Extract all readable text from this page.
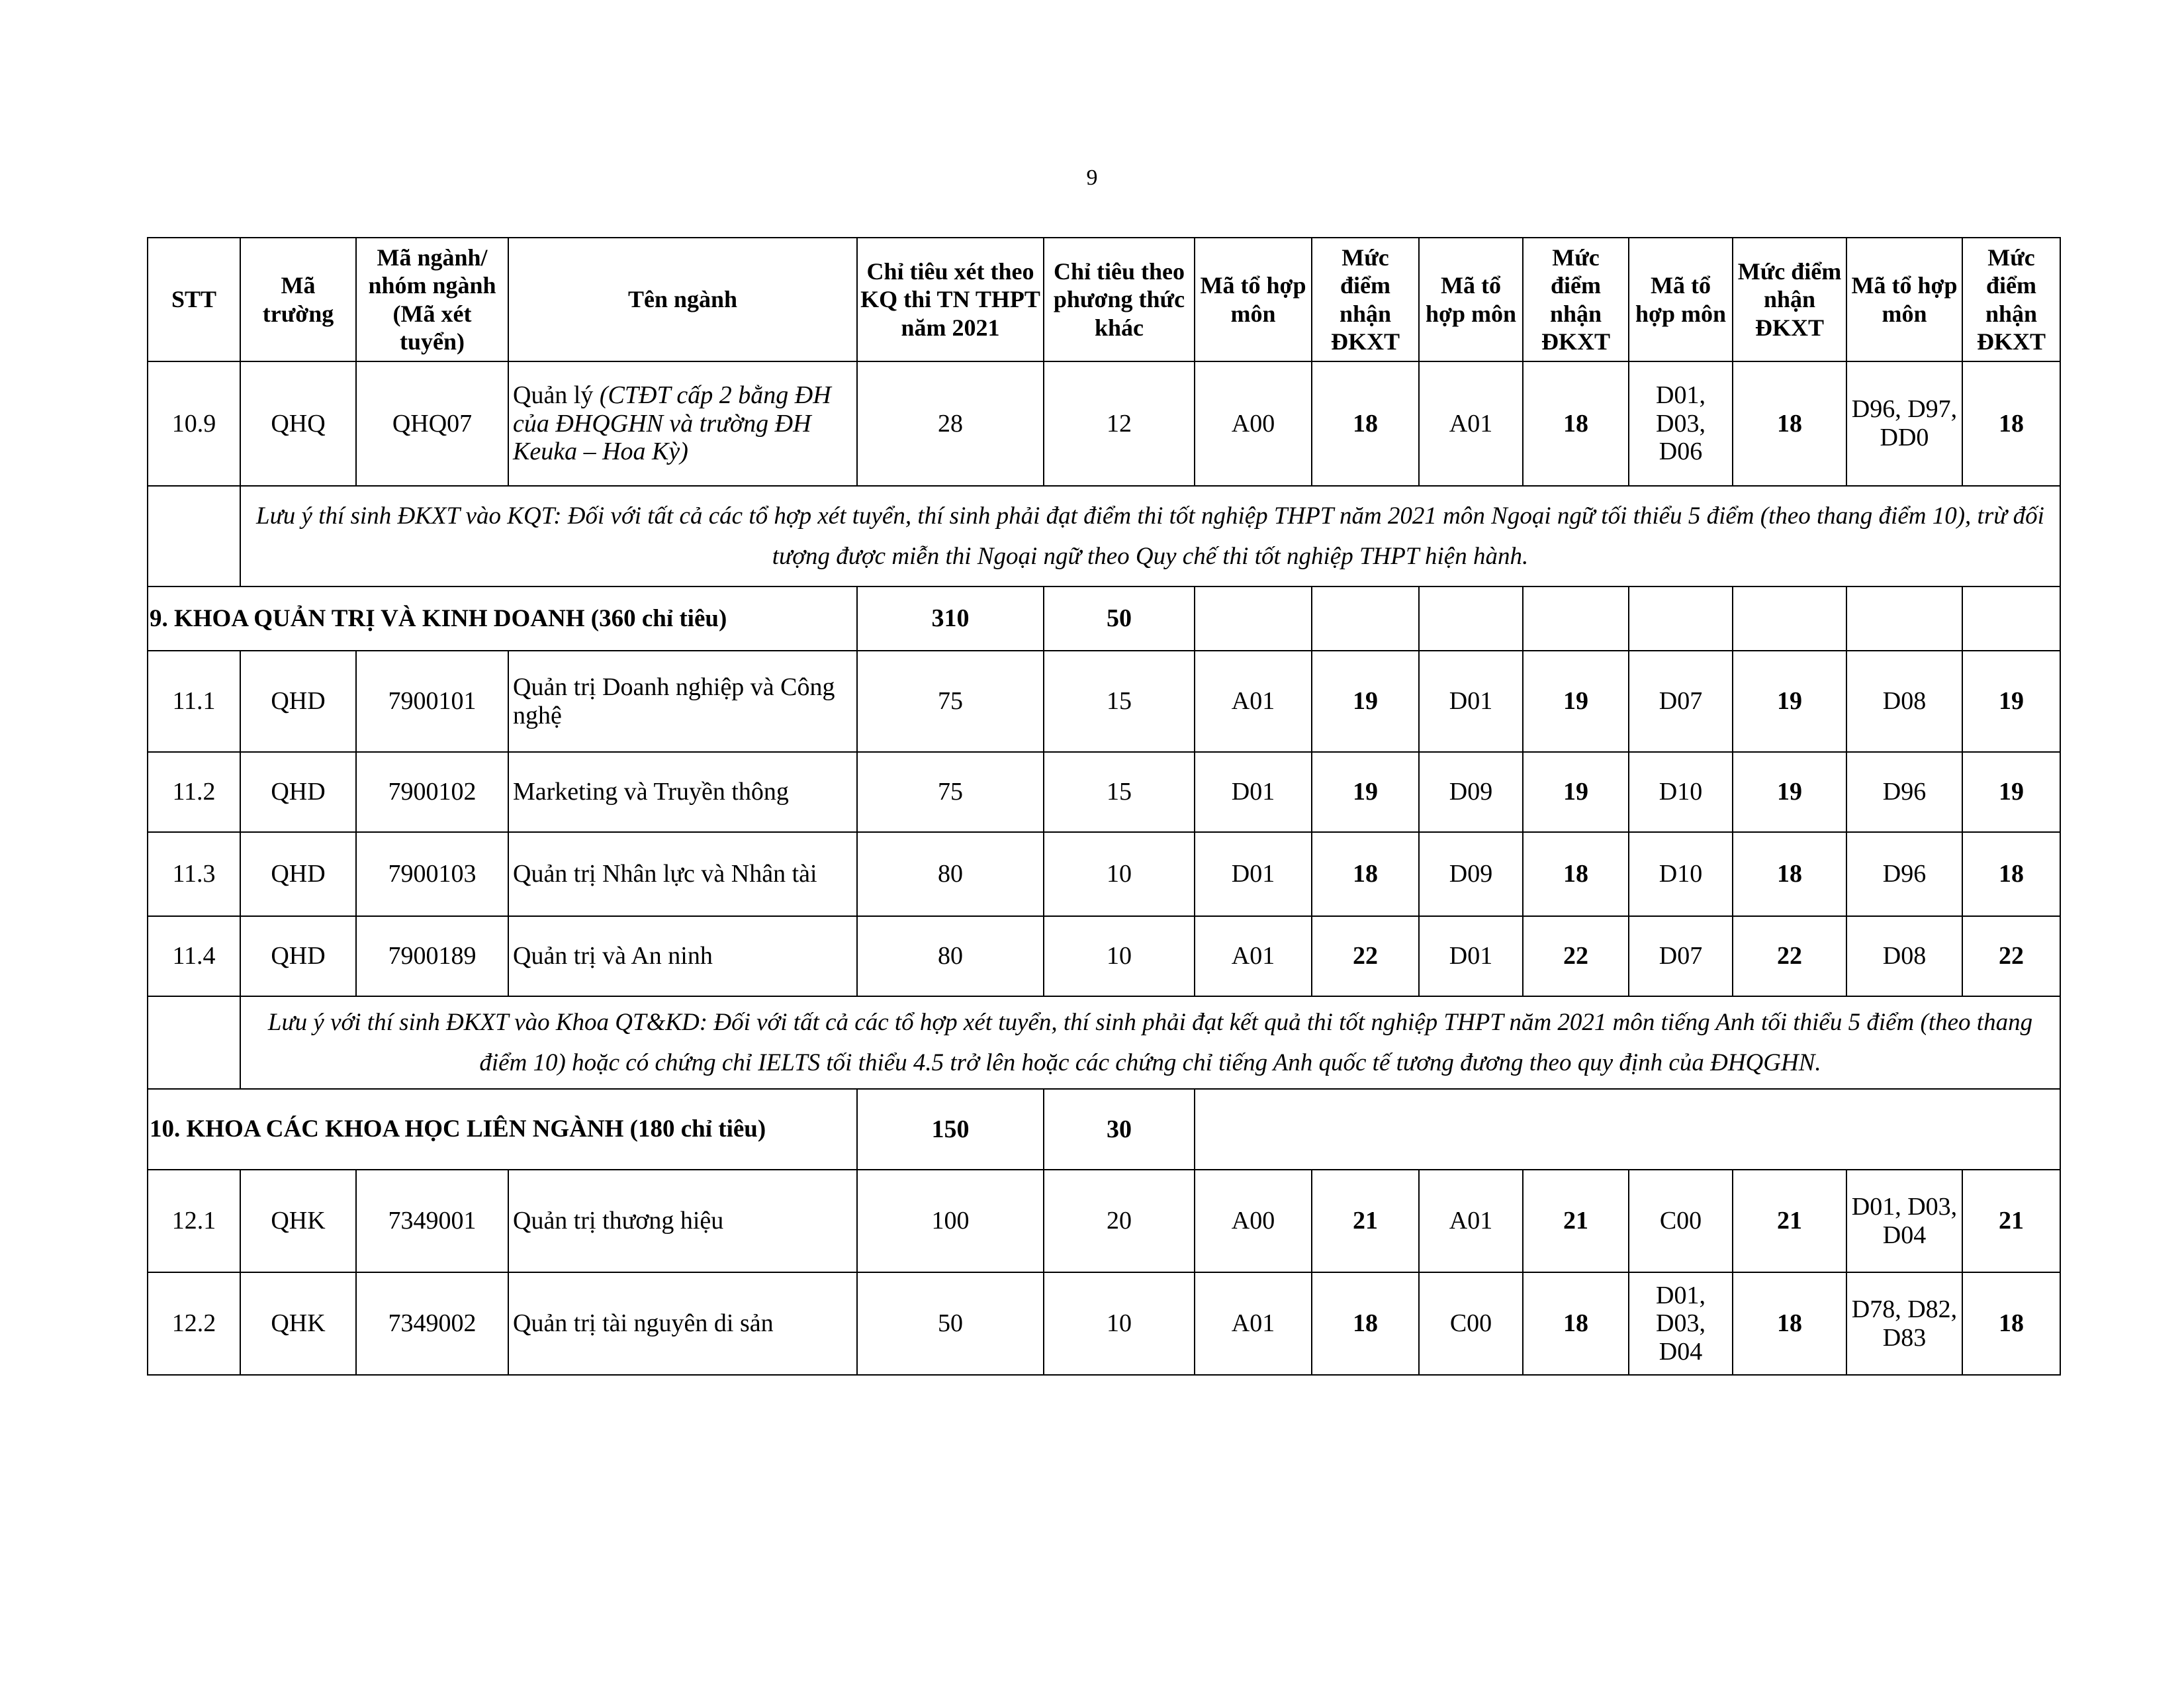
9
STT	Mã trường	Mã ngành/ nhóm ngành (Mã xét tuyển)	Tên ngành	Chỉ tiêu xét theo KQ thi TN THPT năm 2021	Chỉ tiêu theo phương thức khác	Mã tổ hợp môn	Mức điểm nhận ĐKXT	Mã tổ hợp môn	Mức điểm nhận ĐKXT	Mã tổ hợp môn	Mức điểm nhận ĐKXT	Mã tổ hợp môn	Mức điểm nhận ĐKXT
10.9	QHQ	QHQ07	Quản lý (CTĐT cấp 2 bằng ĐH của ĐHQGHN và trường ĐH Keuka – Hoa Kỳ)	28	12	A00	18	A01	18	D01, D03, D06	18	D96, D97, DD0	18
	Lưu ý thí sinh ĐKXT vào KQT: Đối với tất cả các tổ hợp xét tuyển, thí sinh phải đạt điểm thi tốt nghiệp THPT năm 2021 môn Ngoại ngữ tối thiểu 5 điểm (theo thang điểm 10), trừ đối tượng được miễn thi Ngoại ngữ theo Quy chế thi tốt nghiệp THPT hiện hành.												
9. KHOA QUẢN TRỊ VÀ KINH DOANH (360 chỉ tiêu)				310	50								
11.1	QHD	7900101	Quản trị Doanh nghiệp và Công nghệ	75	15	A01	19	D01	19	D07	19	D08	19
11.2	QHD	7900102	Marketing và Truyền thông	75	15	D01	19	D09	19	D10	19	D96	19
11.3	QHD	7900103	Quản trị Nhân lực và Nhân tài	80	10	D01	18	D09	18	D10	18	D96	18
11.4	QHD	7900189	Quản trị và An ninh	80	10	A01	22	D01	22	D07	22	D08	22
	Lưu ý với thí sinh ĐKXT vào Khoa QT&KD: Đối với tất cả các tổ hợp xét tuyển, thí sinh phải đạt kết quả thi tốt nghiệp THPT năm 2021 môn tiếng Anh tối thiểu 5 điểm (theo thang điểm 10) hoặc có chứng chỉ IELTS tối thiểu 4.5 trở lên hoặc các chứng chỉ tiếng Anh quốc tế tương đương theo quy định của ĐHQGHN.												
10. KHOA CÁC KHOA HỌC LIÊN NGÀNH (180 chỉ tiêu)				150	30								
12.1	QHK	7349001	Quản trị thương hiệu	100	20	A00	21	A01	21	C00	21	D01, D03, D04	21
12.2	QHK	7349002	Quản trị tài nguyên di sản	50	10	A01	18	C00	18	D01, D03, D04	18	D78, D82, D83	18
